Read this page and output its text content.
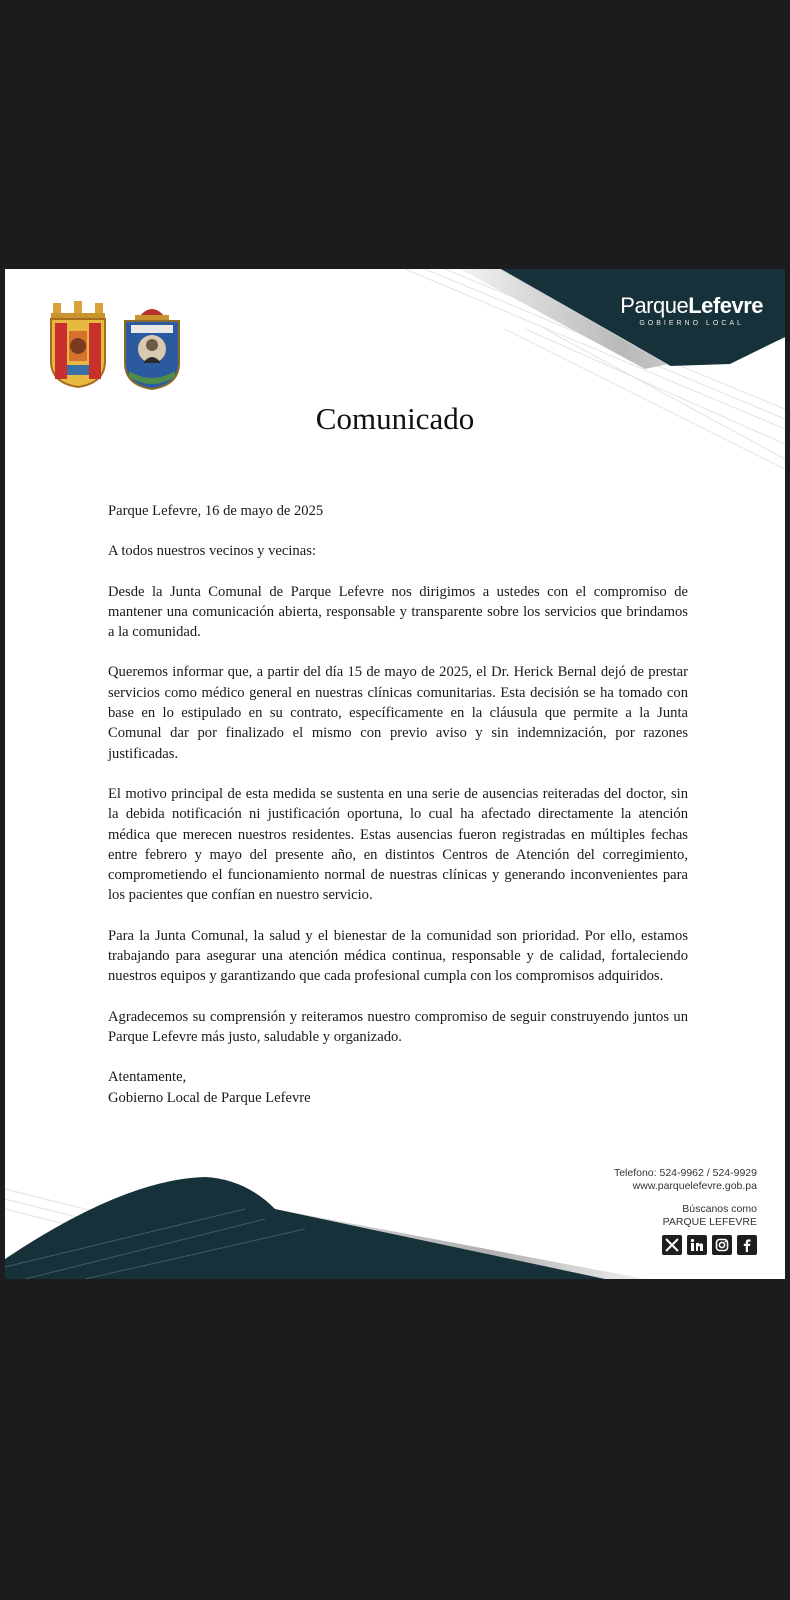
ParqueLefevre
GOBIERNO LOCAL
Comunicado

Parque Lefevre, 16 de mayo de 2025

A todos nuestros vecinos y vecinas:

Desde la Junta Comunal de Parque Lefevre nos dirigimos a ustedes con el compromiso de mantener una comunicación abierta, responsable y transparente sobre los servicios que brindamos a la comunidad.

Queremos informar que, a partir del día 15 de mayo de 2025, el Dr. Herick Bernal dejó de prestar servicios como médico general en nuestras clínicas comunitarias. Esta decisión se ha tomado con base en lo estipulado en su contrato, específicamente en la cláusula que permite a la Junta Comunal dar por finalizado el mismo con previo aviso y sin indemnización, por razones justificadas.

El motivo principal de esta medida se sustenta en una serie de ausencias reiteradas del doctor, sin la debida notificación ni justificación oportuna, lo cual ha afectado directamente la atención médica que merecen nuestros residentes. Estas ausencias fueron registradas en múltiples fechas entre febrero y mayo del presente año, en distintos Centros de Atención del corregimiento, comprometiendo el funcionamiento normal de nuestras clínicas y generando inconvenientes para los pacientes que confían en nuestro servicio.

Para la Junta Comunal, la salud y el bienestar de la comunidad son prioridad. Por ello, estamos trabajando para asegurar una atención médica continua, responsable y de calidad, fortaleciendo nuestros equipos y garantizando que cada profesional cumpla con los compromisos adquiridos.

Agradecemos su comprensión y reiteramos nuestro compromiso de seguir construyendo juntos un Parque Lefevre más justo, saludable y organizado.

Atentamente,
Gobierno Local de Parque Lefevre

Telefono: 524-9962 / 524-9929
www.parquelefevre.gob.pa
Búscanos como
PARQUE LEFEVRE
